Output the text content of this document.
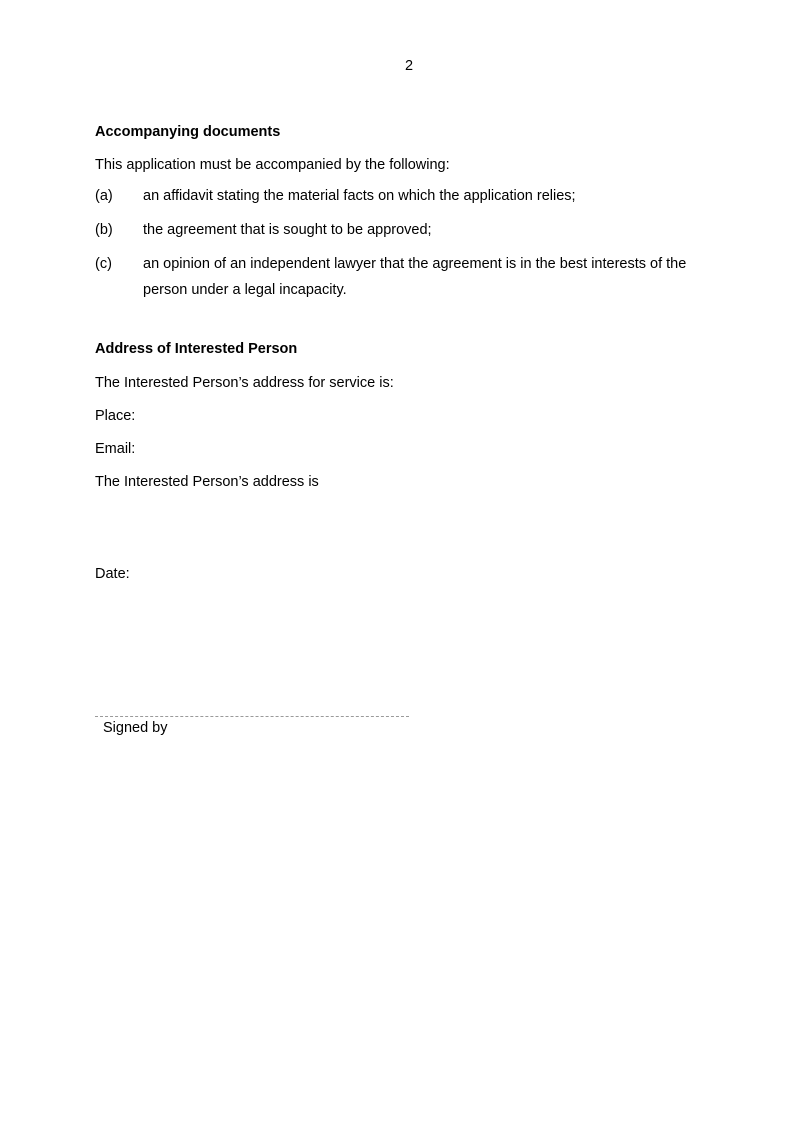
2

Accompanying documents

This application must be accompanied by the following:

(a)	an affidavit stating the material facts on which the application relies;
(b)	the agreement that is sought to be approved;
(c)	an opinion of an independent lawyer that the agreement is in the best interests of the person under a legal incapacity.

Address of Interested Person

The Interested Person’s address for service is:

Place:

Email:

The Interested Person’s address is

Date:

Signed by
